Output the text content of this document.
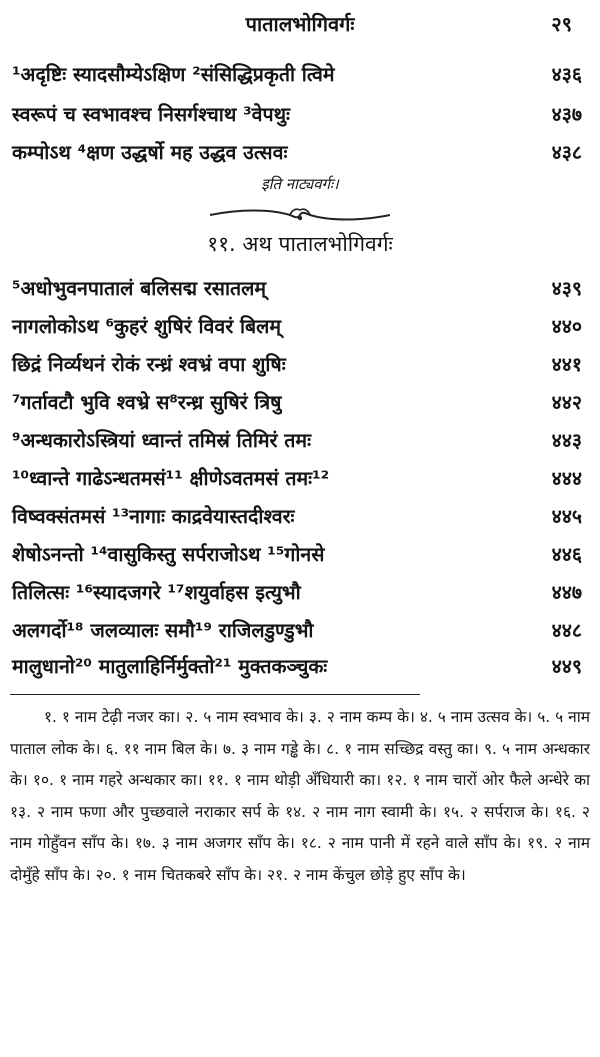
पातालभोगिवर्गः	२९
¹अदृष्टिः स्यादसौम्येऽक्षिण ²संसिद्धिप्रकृती त्विमे	४३६
स्वरूपं च स्वभावश्च निसर्गश्चाथ ³वेपथुः	४३७
कम्पोऽथ ⁴क्षण उद्धर्षो मह उद्धव उत्सवः	४३८
इति नाट्यवर्गः।
११. अथ पातालभोगिवर्गः
⁵अधोभुवनपातालं बलिसद्म रसातलम्	४३९
नागलोकोऽथ ⁶कुहरं शुषिरं विवरं बिलम्	४४०
छिद्रं निर्व्यथनं रोकं रन्ध्रं श्वभ्रं वपा शुषिः	४४१
⁷गर्तावटौ भुवि श्वभ्रे स⁸रन्ध्र सुषिरं त्रिषु	४४२
⁹अन्धकारोऽस्त्रियां ध्वान्तं तमिस्रं तिमिरं तमः	४४३
¹⁰ध्वान्ते गाढेऽन्धतमसं¹¹ क्षीणेऽवतमसं तमः¹²	४४४
विष्वक्संतमसं ¹³नागाः काद्रवेयास्तदीश्वरः	४४५
शेषोऽनन्तो ¹⁴वासुकिस्तु सर्पराजोऽथ ¹⁵गोनसे	४४६
तिलित्सः ¹⁶स्यादजगरे ¹⁷शयुर्वाहस इत्युभौ	४४७
अलगर्दो¹⁸ जलव्यालः समौ¹⁹ राजिलडुण्डुभौ	४४८
मालुधानो²⁰ मातुलाहिर्निर्मुक्तो²¹ मुक्तकञ्चुकः	४४९

१. १ नाम टेढ़ी नजर का। २. ५ नाम स्वभाव के। ३. २ नाम कम्प के। ४. ५ नाम उत्सव के। ५. ५ नाम पाताल लोक के। ६. ११ नाम बिल के। ७. ३ नाम गड्ढे के। ८. १ नाम सच्छिद्र वस्तु का। ९. ५ नाम अन्धकार के। १०. १ नाम गहरे अन्धकार का। ११. १ नाम थोड़ी अँधियारी का। १२. १ नाम चारों ओर फैले अन्धेरे का १३. २ नाम फणा और पुच्छवाले नराकार सर्प के १४. २ नाम नाग स्वामी के। १५. २ सर्पराज के। १६. २ नाम गोहुँवन साँप के। १७. ३ नाम अजगर साँप के। १८. २ नाम पानी में रहने वाले साँप के। १९. २ नाम दोमुँहे साँप के। २०. १ नाम चितकबरे साँप के। २१. २ नाम केंचुल छोड़े हुए साँप के।
